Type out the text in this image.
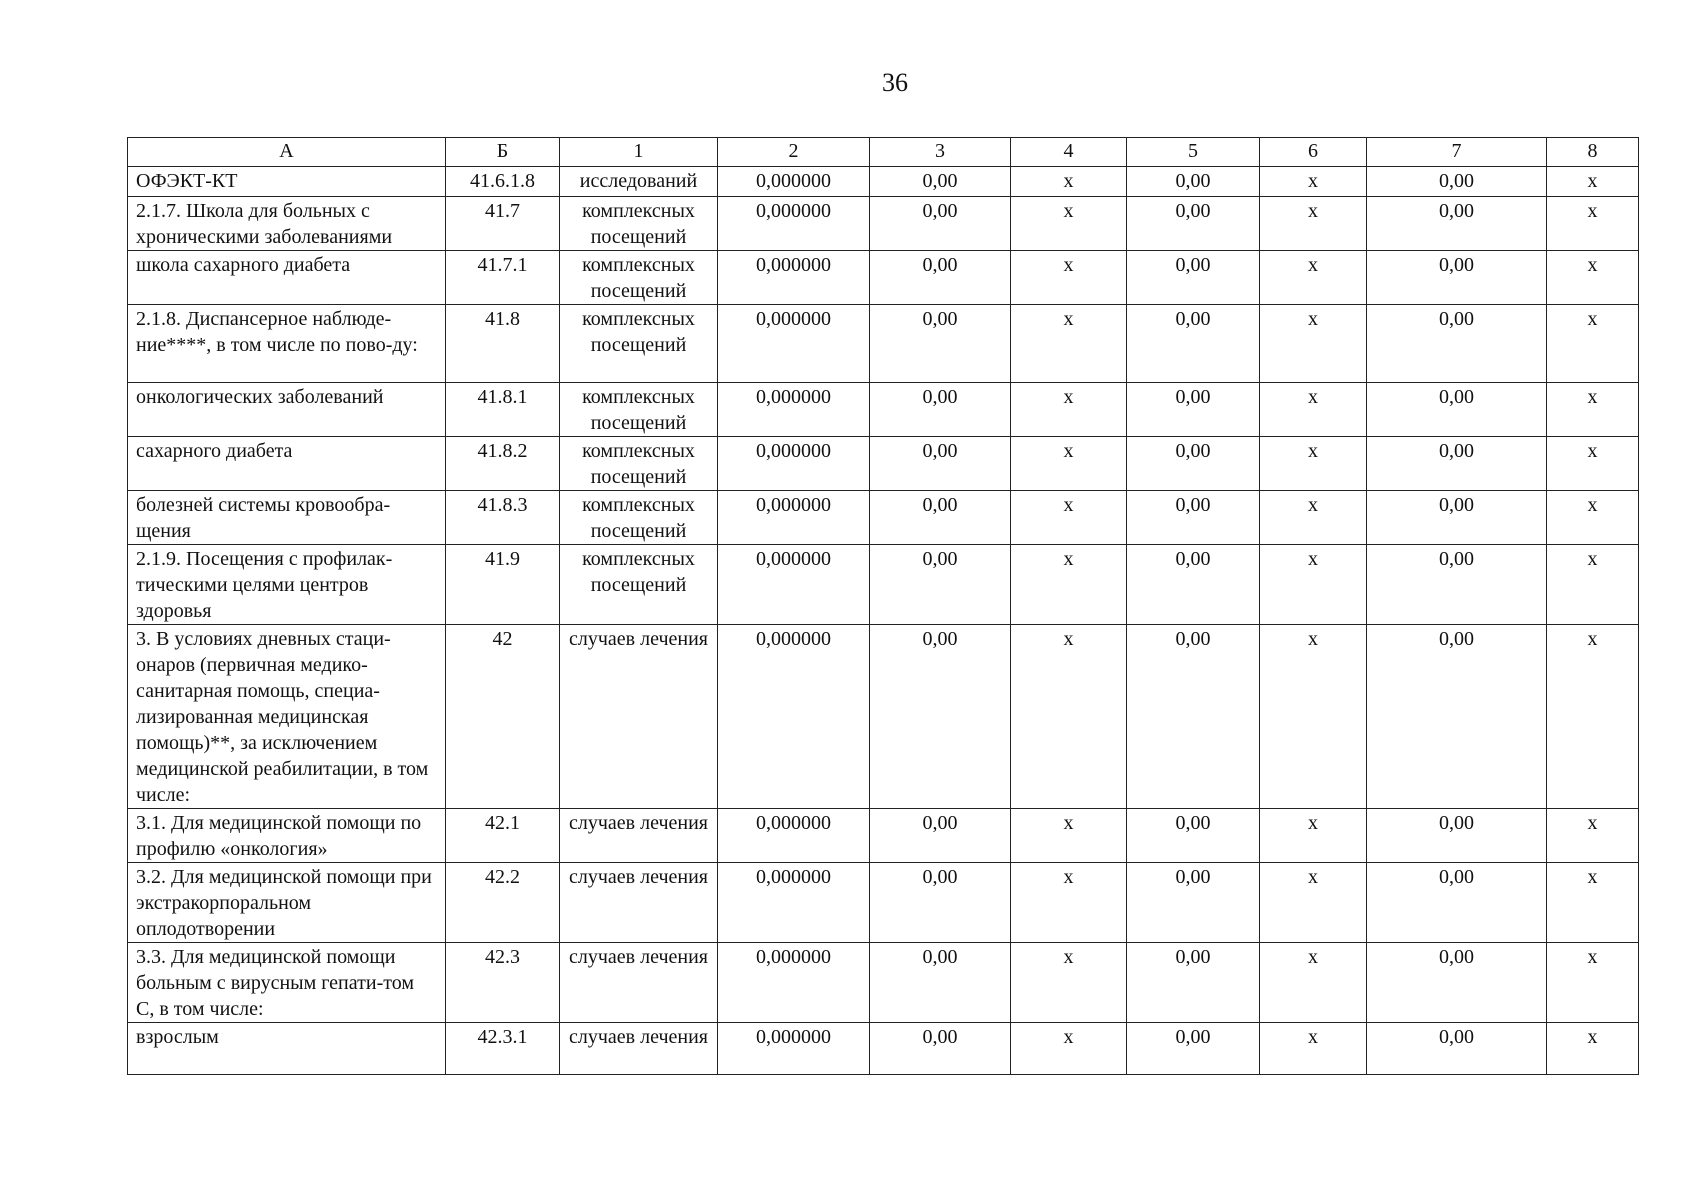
36
А	Б	1	2	3	4	5	6	7	8
ОФЭКТ-КТ	41.6.1.8	исследований	0,000000	0,00	х	0,00	х	0,00	х
2.1.7. Школа для больных с хроническими заболеваниями	41.7	комплексных посещений	0,000000	0,00	х	0,00	х	0,00	х
школа сахарного диабета	41.7.1	комплексных посещений	0,000000	0,00	х	0,00	х	0,00	х
2.1.8. Диспансерное наблюде-ние****, в том числе по пово-ду:	41.8	комплексных посещений	0,000000	0,00	х	0,00	х	0,00	х
онкологических заболеваний	41.8.1	комплексных посещений	0,000000	0,00	х	0,00	х	0,00	х
сахарного диабета	41.8.2	комплексных посещений	0,000000	0,00	х	0,00	х	0,00	х
болезней системы кровообра-щения	41.8.3	комплексных посещений	0,000000	0,00	х	0,00	х	0,00	х
2.1.9. Посещения с профилак-тическими целями центров здоровья	41.9	комплексных посещений	0,000000	0,00	х	0,00	х	0,00	х
3. В условиях дневных стаци-онаров (первичная медико-санитарная помощь, специа-лизированная медицинская помощь)**, за исключением медицинской реабилитации, в том числе:	42	случаев лечения	0,000000	0,00	х	0,00	х	0,00	х
3.1. Для медицинской помощи по профилю «онкология»	42.1	случаев лечения	0,000000	0,00	х	0,00	х	0,00	х
3.2. Для медицинской помощи при экстракорпоральном оплодотворении	42.2	случаев лечения	0,000000	0,00	х	0,00	х	0,00	х
3.3. Для медицинской помощи больным с вирусным гепати-том С, в том числе:	42.3	случаев лечения	0,000000	0,00	х	0,00	х	0,00	х
взрослым	42.3.1	случаев лечения	0,000000	0,00	х	0,00	х	0,00	х
